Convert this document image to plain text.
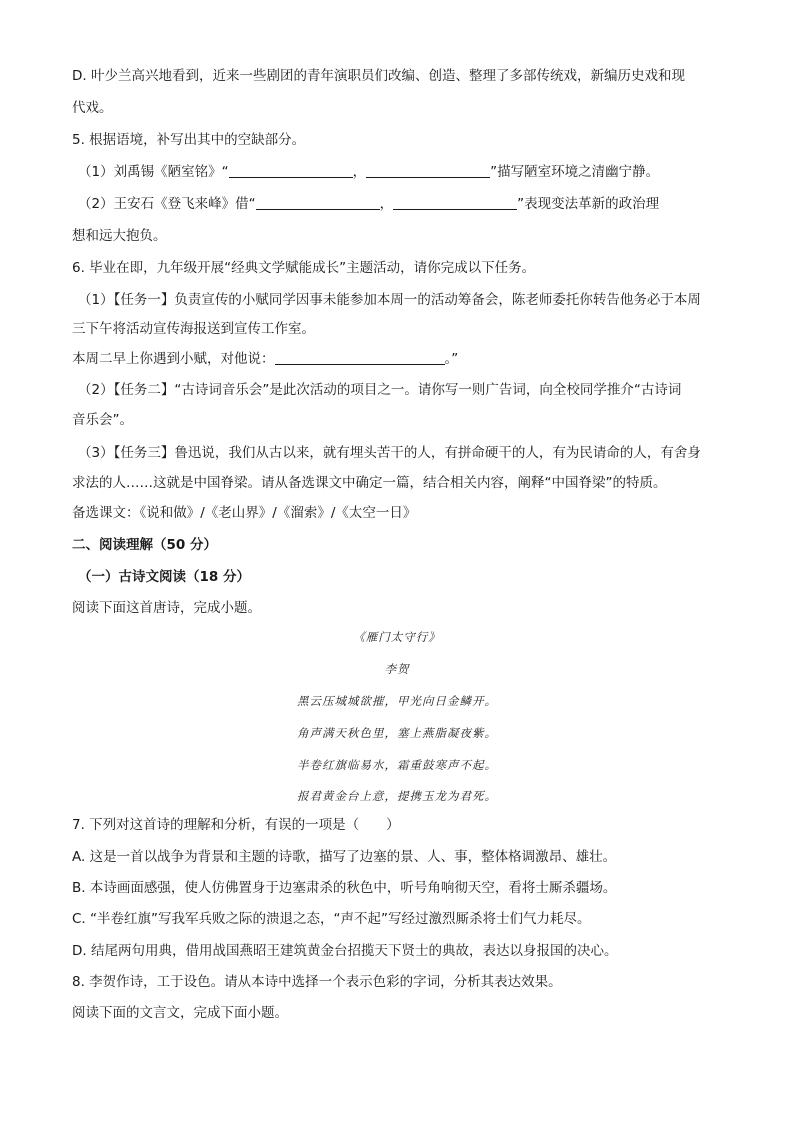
D. 叶少兰高兴地看到，近来一些剧团的青年演职员们改编、创造、整理了多部传统戏，新编历史戏和现
代戏。
5. 根据语境，补写出其中的空缺部分。
（1）刘禹锡《陋室铭》“	，	”描写陋室环境之清幽宁静。
（2）王安石《登飞来峰》借“	，	”表现变法革新的政治理
想和远大抱负。
6. 毕业在即，九年级开展“经典文学赋能成长”主题活动，请你完成以下任务。
（1）【任务一】负责宣传的小赋同学因事未能参加本周一的活动筹备会，陈老师委托你转告他务必于本周
三下午将活动宣传海报送到宣传工作室。
本周二早上你遇到小赋，对他说：	。”
（2）【任务二】“古诗词音乐会”是此次活动的项目之一。请你写一则广告词，向全校同学推介“古诗词
音乐会”。
（3）【任务三】鲁迅说，我们从古以来，就有埋头苦干的人，有拼命硬干的人，有为民请命的人，有舍身
求法的人……这就是中国脊梁。请从备选课文中确定一篇，结合相关内容，阐释“中国脊梁”的特质。
备选课文：《说和做》/《老山界》/《溜索》/《太空一日》
二、阅读理解（50 分）
（一）古诗文阅读（18 分）
阅读下面这首唐诗，完成小题。
《雁门太守行》
李贺
黑云压城城欲摧，甲光向日金鳞开。
角声满天秋色里，塞上燕脂凝夜紫。
半卷红旗临易水，霜重鼓寒声不起。
报君黄金台上意，提携玉龙为君死。
7. 下列对这首诗的理解和分析，有误的一项是（　　）
A. 这是一首以战争为背景和主题的诗歌，描写了边塞的景、人、事，整体格调激昂、雄壮。
B. 本诗画面感强，使人仿佛置身于边塞肃杀的秋色中，听号角响彻天空，看将士厮杀疆场。
C. “半卷红旗”写我军兵败之际的溃退之态，“声不起”写经过激烈厮杀将士们气力耗尽。
D. 结尾两句用典，借用战国燕昭王建筑黄金台招揽天下贤士的典故，表达以身报国的决心。
8. 李贺作诗，工于设色。请从本诗中选择一个表示色彩的字词，分析其表达效果。
阅读下面的文言文，完成下面小题。
